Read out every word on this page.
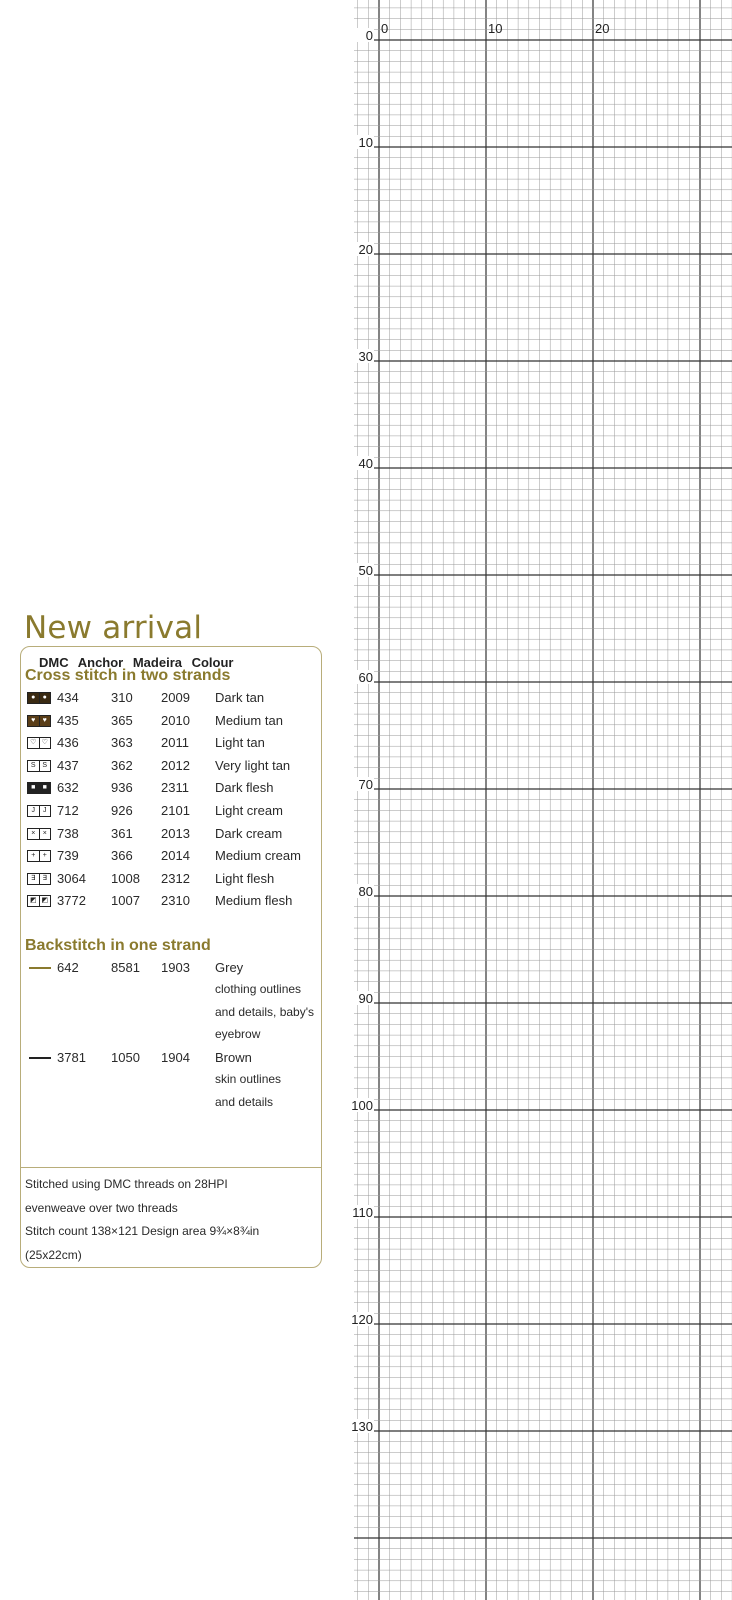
0	10	20
0
10
20
30
40
50
60
70
80
90
100
110
120
130
New arrival
DMC Anchor Madeira Colour
Cross stitch in two strands
●	● 434 310 2009 Dark tan
♥	♥ 435 365 2010 Medium tan
♡ ♡ 436 363 2011 Light tan
S S 437 362 2012 Very light tan
■	■ 632 936 2311 Dark flesh
J	J 712 926 2101 Light cream
×	× 738 361 2013 Dark cream
+	+ 739 366 2014 Medium cream
∃	∃ 3064 1008 2312 Light flesh
◩ ◩ 3772 1007 2310 Medium flesh
Backstitch in one strand
642 8581 1903 Grey
clothing outlines
and details, baby's
eyebrow
3781 1050 1904 Brown
skin outlines
and details
Stitched using DMC threads on 28HPI
evenweave over two threads
Stitch count 138×121 Design area 9¾×8¾in
(25x22cm)
